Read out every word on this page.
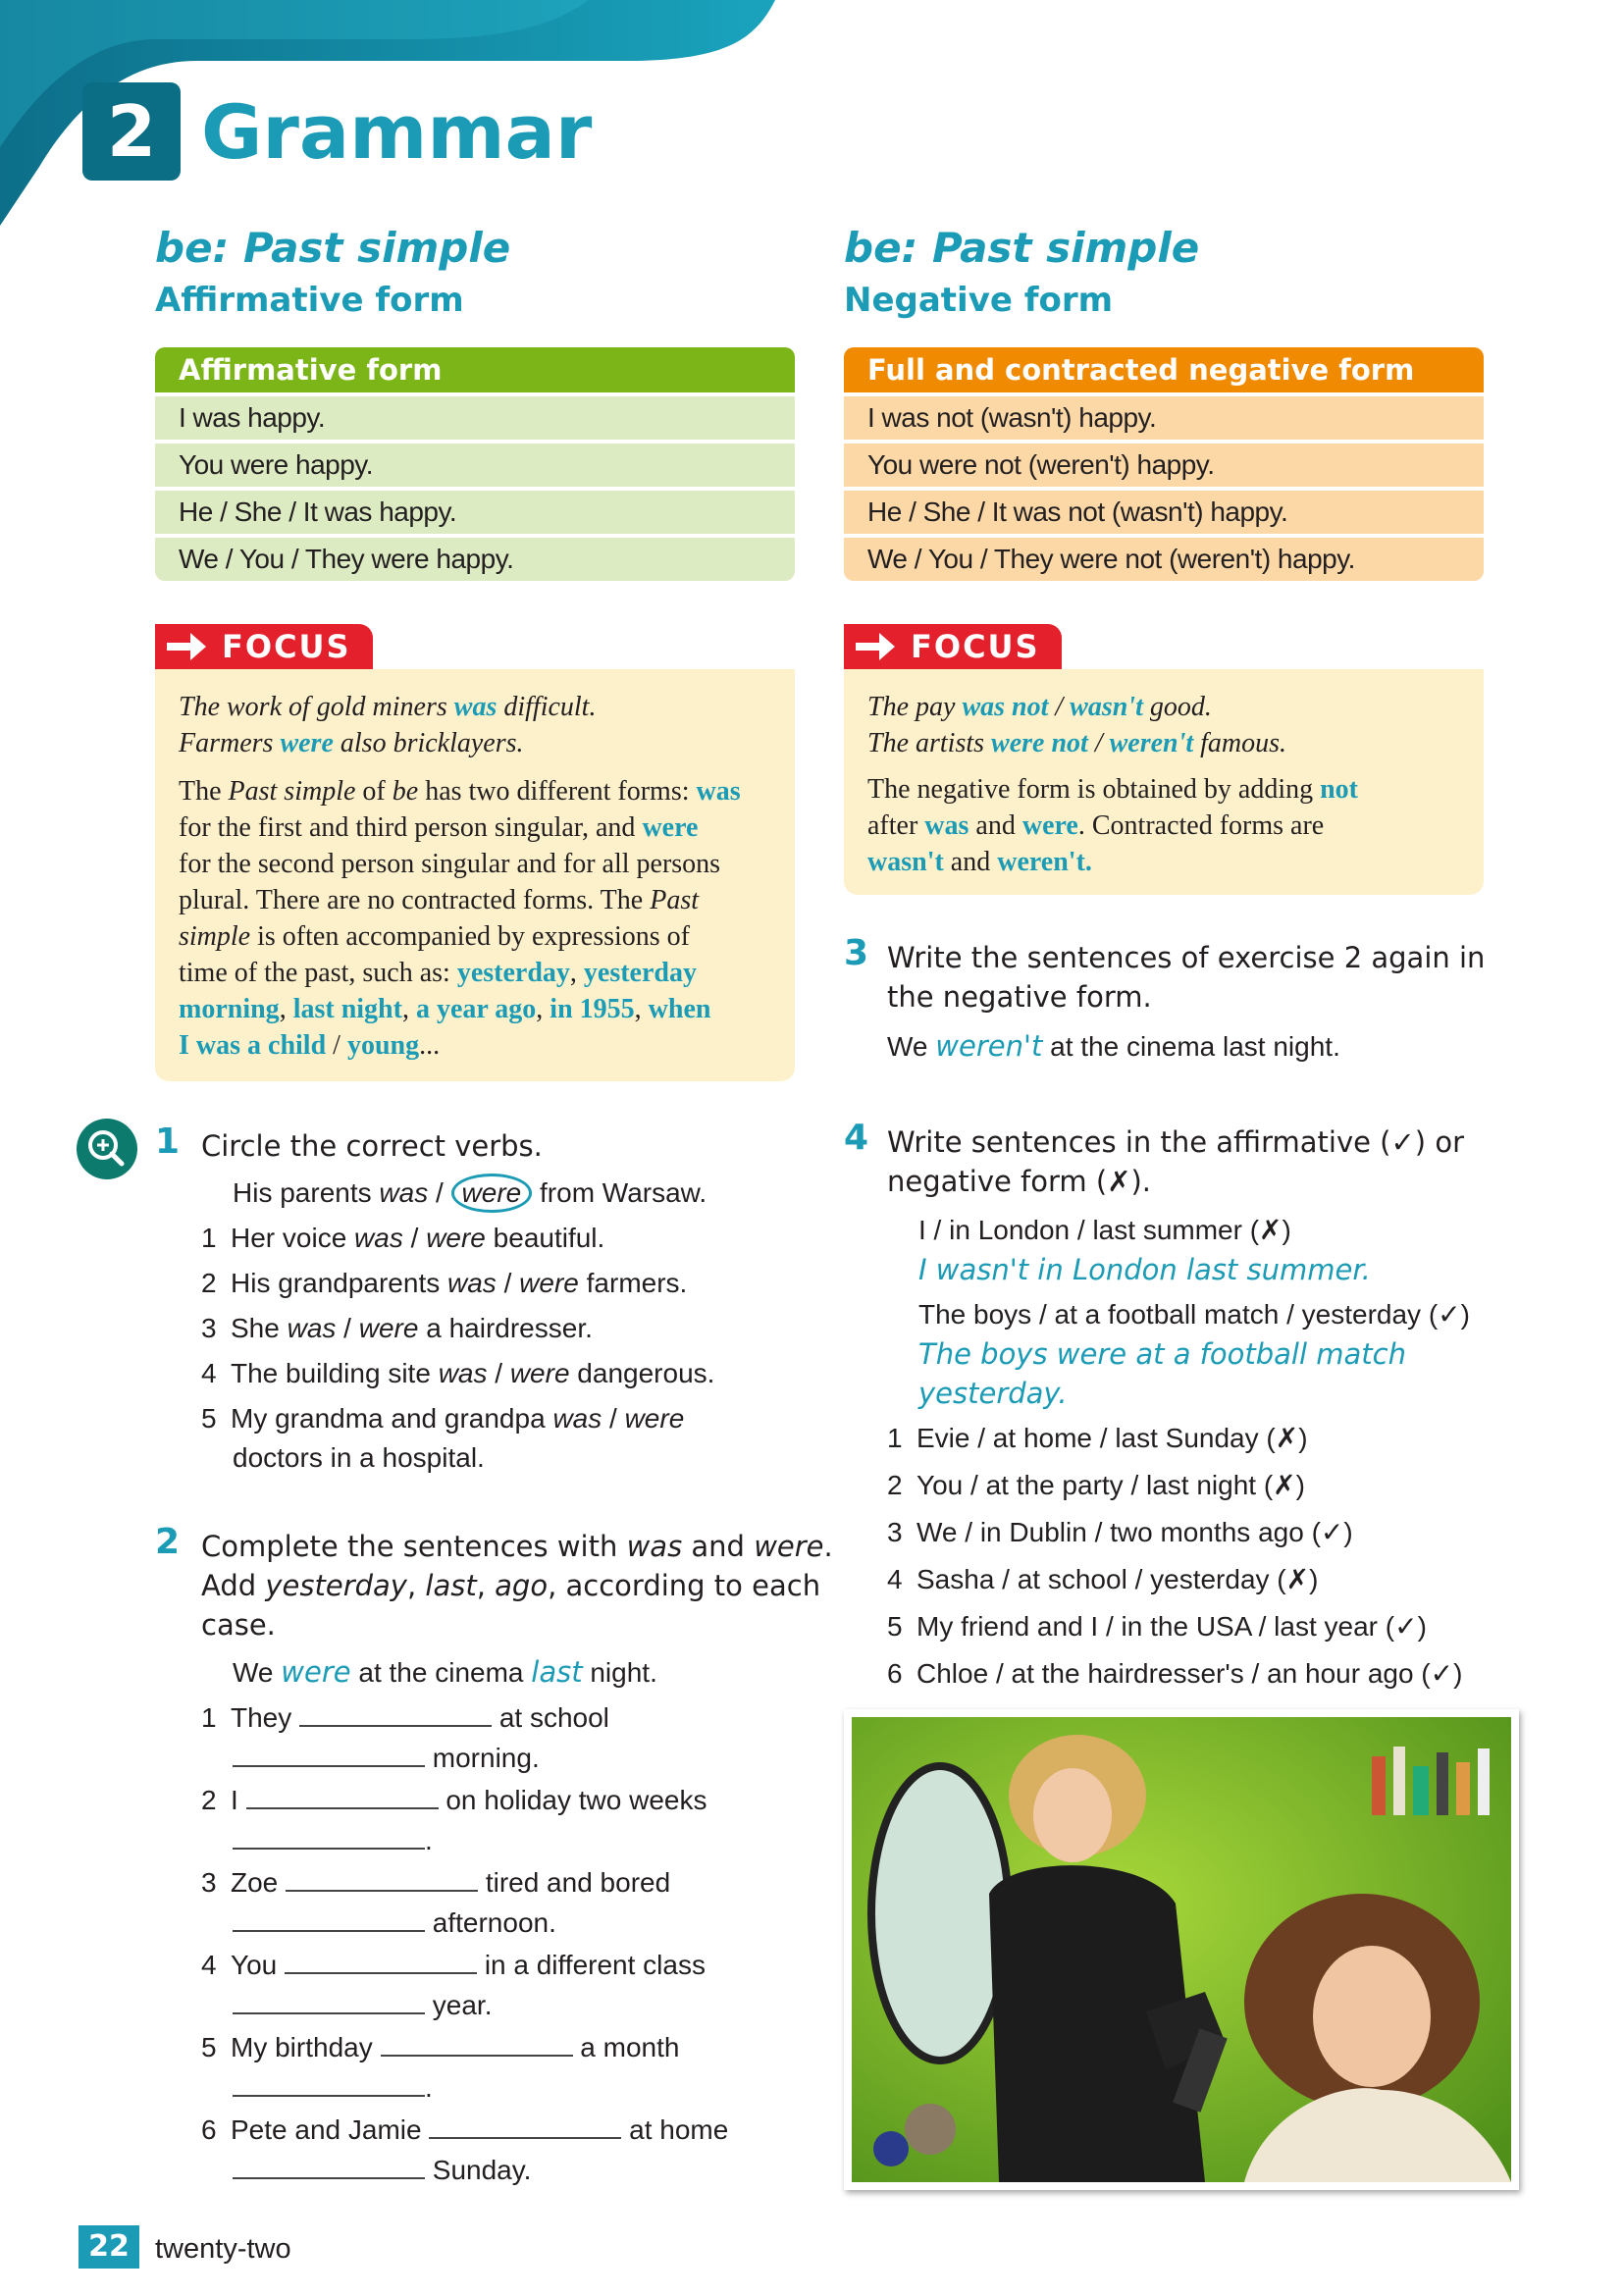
2 Grammar
be: Past simple
Affirmative form
be: Past simple
Negative form
Affirmative form
I was happy.
You were happy.
He / She / It was happy.
We / You / They were happy.
Full and contracted negative form
I was not (wasn't) happy.
You were not (weren't) happy.
He / She / It was not (wasn't) happy.
We / You / They were not (weren't) happy.
FOCUS

The work of gold miners was difficult.

Farmers were also bricklayers.

The Past simple of be has two different forms: was
for the first and third person singular, and were
for the second person singular and for all persons
plural. There are no contracted forms. The Past
simple is often accompanied by expressions of
time of the past, such as: yesterday, yesterday
morning, last night, a year ago, in 1955, when
I was a child / young...

FOCUS

The pay was not / wasn't good.

The artists were not / weren't famous.

The negative form is obtained by adding not
after was and were. Contracted forms are
wasn't and weren't.

1 Circle the correct verbs.
His parents was / were from Warsaw.
1 Her voice was / were beautiful.
2 His grandparents was / were farmers.
3 She was / were a hairdresser.
4 The building site was / were dangerous.
5 My grandma and grandpa was / were
doctors in a hospital.
2 Complete the sentences with was and were.
Add yesterday, last, ago, according to each
case.
We were at the cinema last night.
1 They	at school
morning.
2 I	on holiday two weeks
.
3 Zoe	tired and bored
afternoon.
4 You	in a different class
year.
5 My birthday	a month
.
6 Pete and Jamie	at home
Sunday.
3 Write the sentences of exercise 2 again in
the negative form.
We weren't at the cinema last night.
4 Write sentences in the affirmative (✓) or
negative form (✗).
I / in London / last summer (✗)
I wasn't in London last summer.
The boys / at a football match / yesterday (✓)
The boys were at a football match
yesterday.
1 Evie / at home / last Sunday (✗)
2 You / at the party / last night (✗)
3 We / in Dublin / two months ago (✓)
4 Sasha / at school / yesterday (✗)
5 My friend and I / in the USA / last year (✓)
6 Chloe / at the hairdresser's / an hour ago (✓)
22 twenty-two
